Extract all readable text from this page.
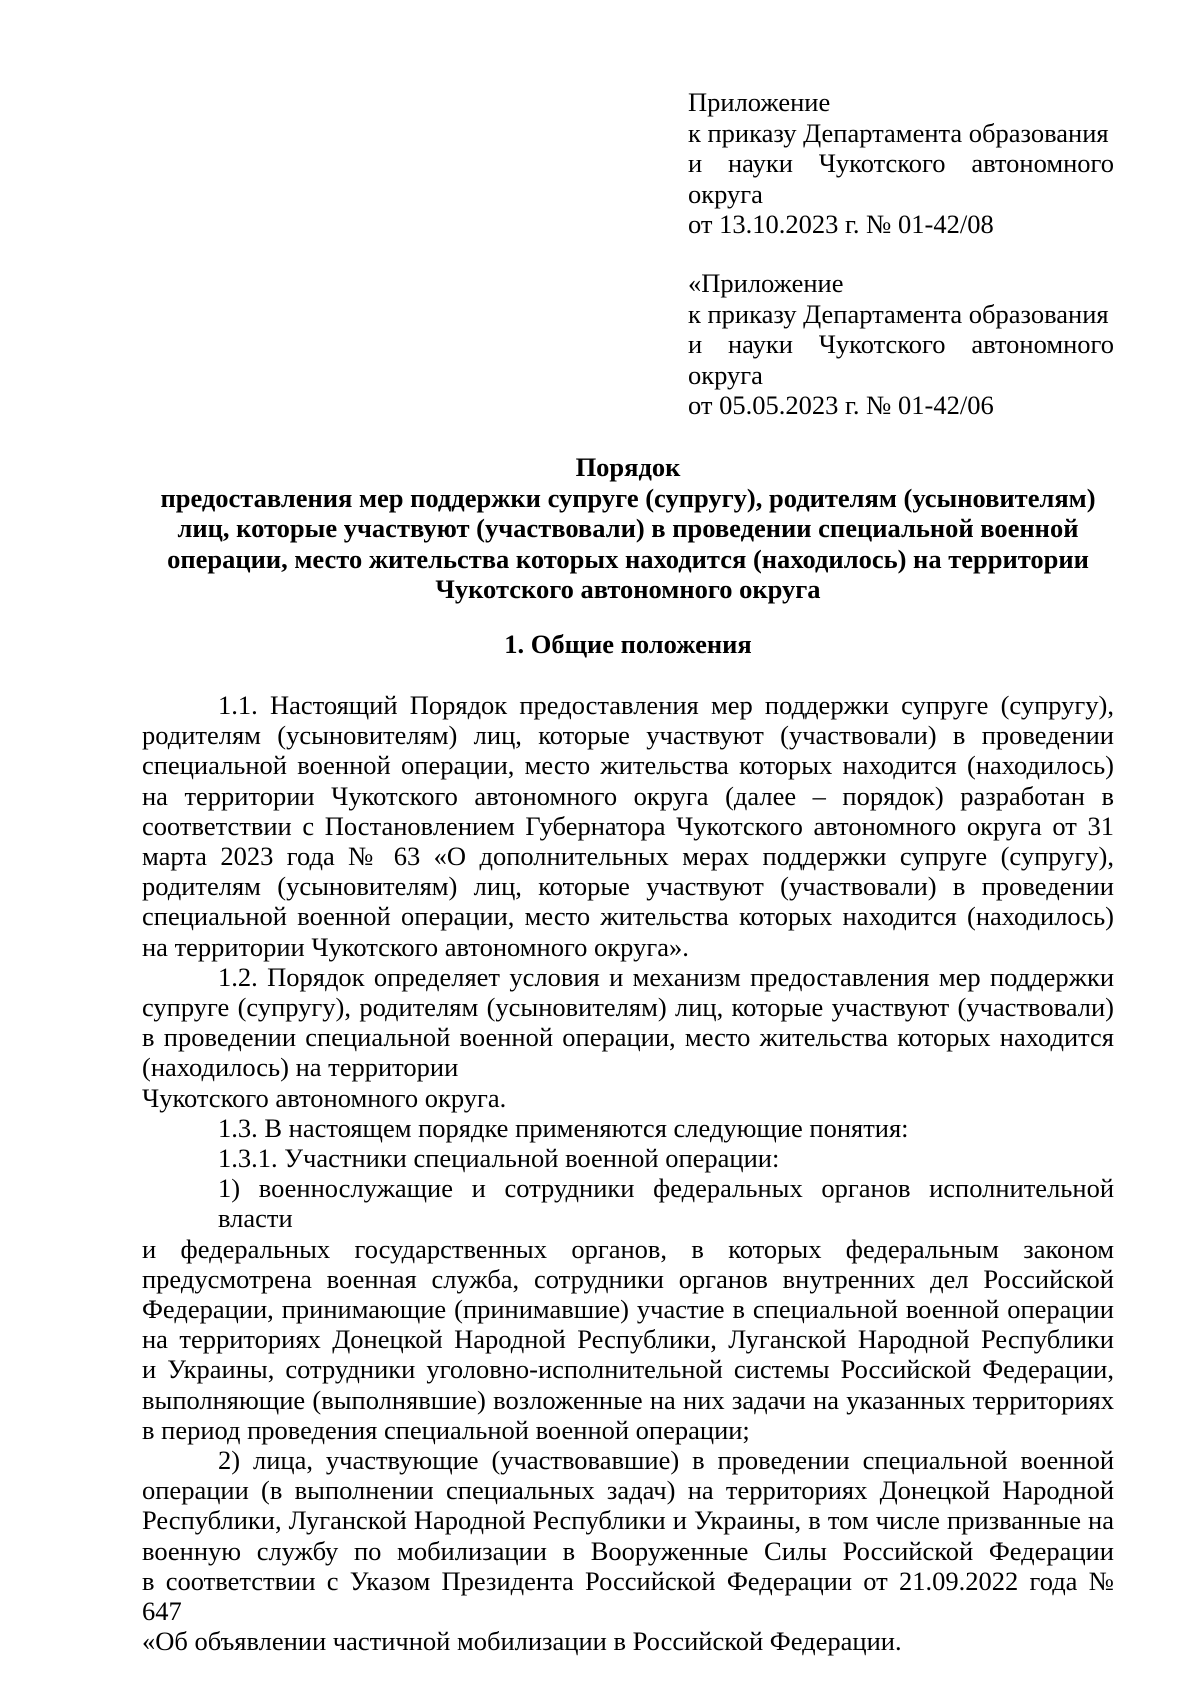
Приложение
к приказу Департамента образования
и науки Чукотского автономного
округа
от 13.10.2023 г. № 01-42/08
«Приложение
к приказу Департамента образования
и науки Чукотского автономного
округа
от 05.05.2023 г. № 01-42/06
Порядок
предоставления мер поддержки супруге (супругу), родителям (усыновителям)
лиц, которые участвуют (участвовали) в проведении специальной военной
операции, место жительства которых находится (находилось) на территории
Чукотского автономного округа
1. Общие положения
1.1. Настоящий Порядок предоставления мер поддержки супруге (супругу),
родителям (усыновителям) лиц, которые участвуют (участвовали) в проведении
специальной военной операции, место жительства которых находится (находилось)
на территории Чукотского автономного округа (далее – порядок) разработан в
соответствии с Постановлением Губернатора Чукотского автономного округа от 31
марта 2023 года № 63 «О дополнительных мерах поддержки супруге (супругу),
родителям (усыновителям) лиц, которые участвуют (участвовали) в проведении
специальной военной операции, место жительства которых находится (находилось)
на территории Чукотского автономного округа».
1.2. Порядок определяет условия и механизм предоставления мер поддержки
супруге (супругу), родителям (усыновителям) лиц, которые участвуют (участвовали)
в проведении специальной военной операции, место жительства которых находится
(находилось) на территории
Чукотского автономного округа.
1.3. В настоящем порядке применяются следующие понятия:
1.3.1. Участники специальной военной операции:
1) военнослужащие и сотрудники федеральных органов исполнительной власти
и федеральных государственных органов, в которых федеральным законом
предусмотрена военная служба, сотрудники органов внутренних дел Российской
Федерации, принимающие (принимавшие) участие в специальной военной операции
на территориях Донецкой Народной Республики, Луганской Народной Республики
и Украины, сотрудники уголовно-исполнительной системы Российской Федерации,
выполняющие (выполнявшие) возложенные на них задачи на указанных территориях
в период проведения специальной военной операции;
2) лица, участвующие (участвовавшие) в проведении специальной военной
операции (в выполнении специальных задач) на территориях Донецкой Народной
Республики, Луганской Народной Республики и Украины, в том числе призванные на
военную службу по мобилизации в Вооруженные Силы Российской Федерации
в соответствии с Указом Президента Российской Федерации от 21.09.2022 года № 647
«Об объявлении частичной мобилизации в Российской Федерации.
